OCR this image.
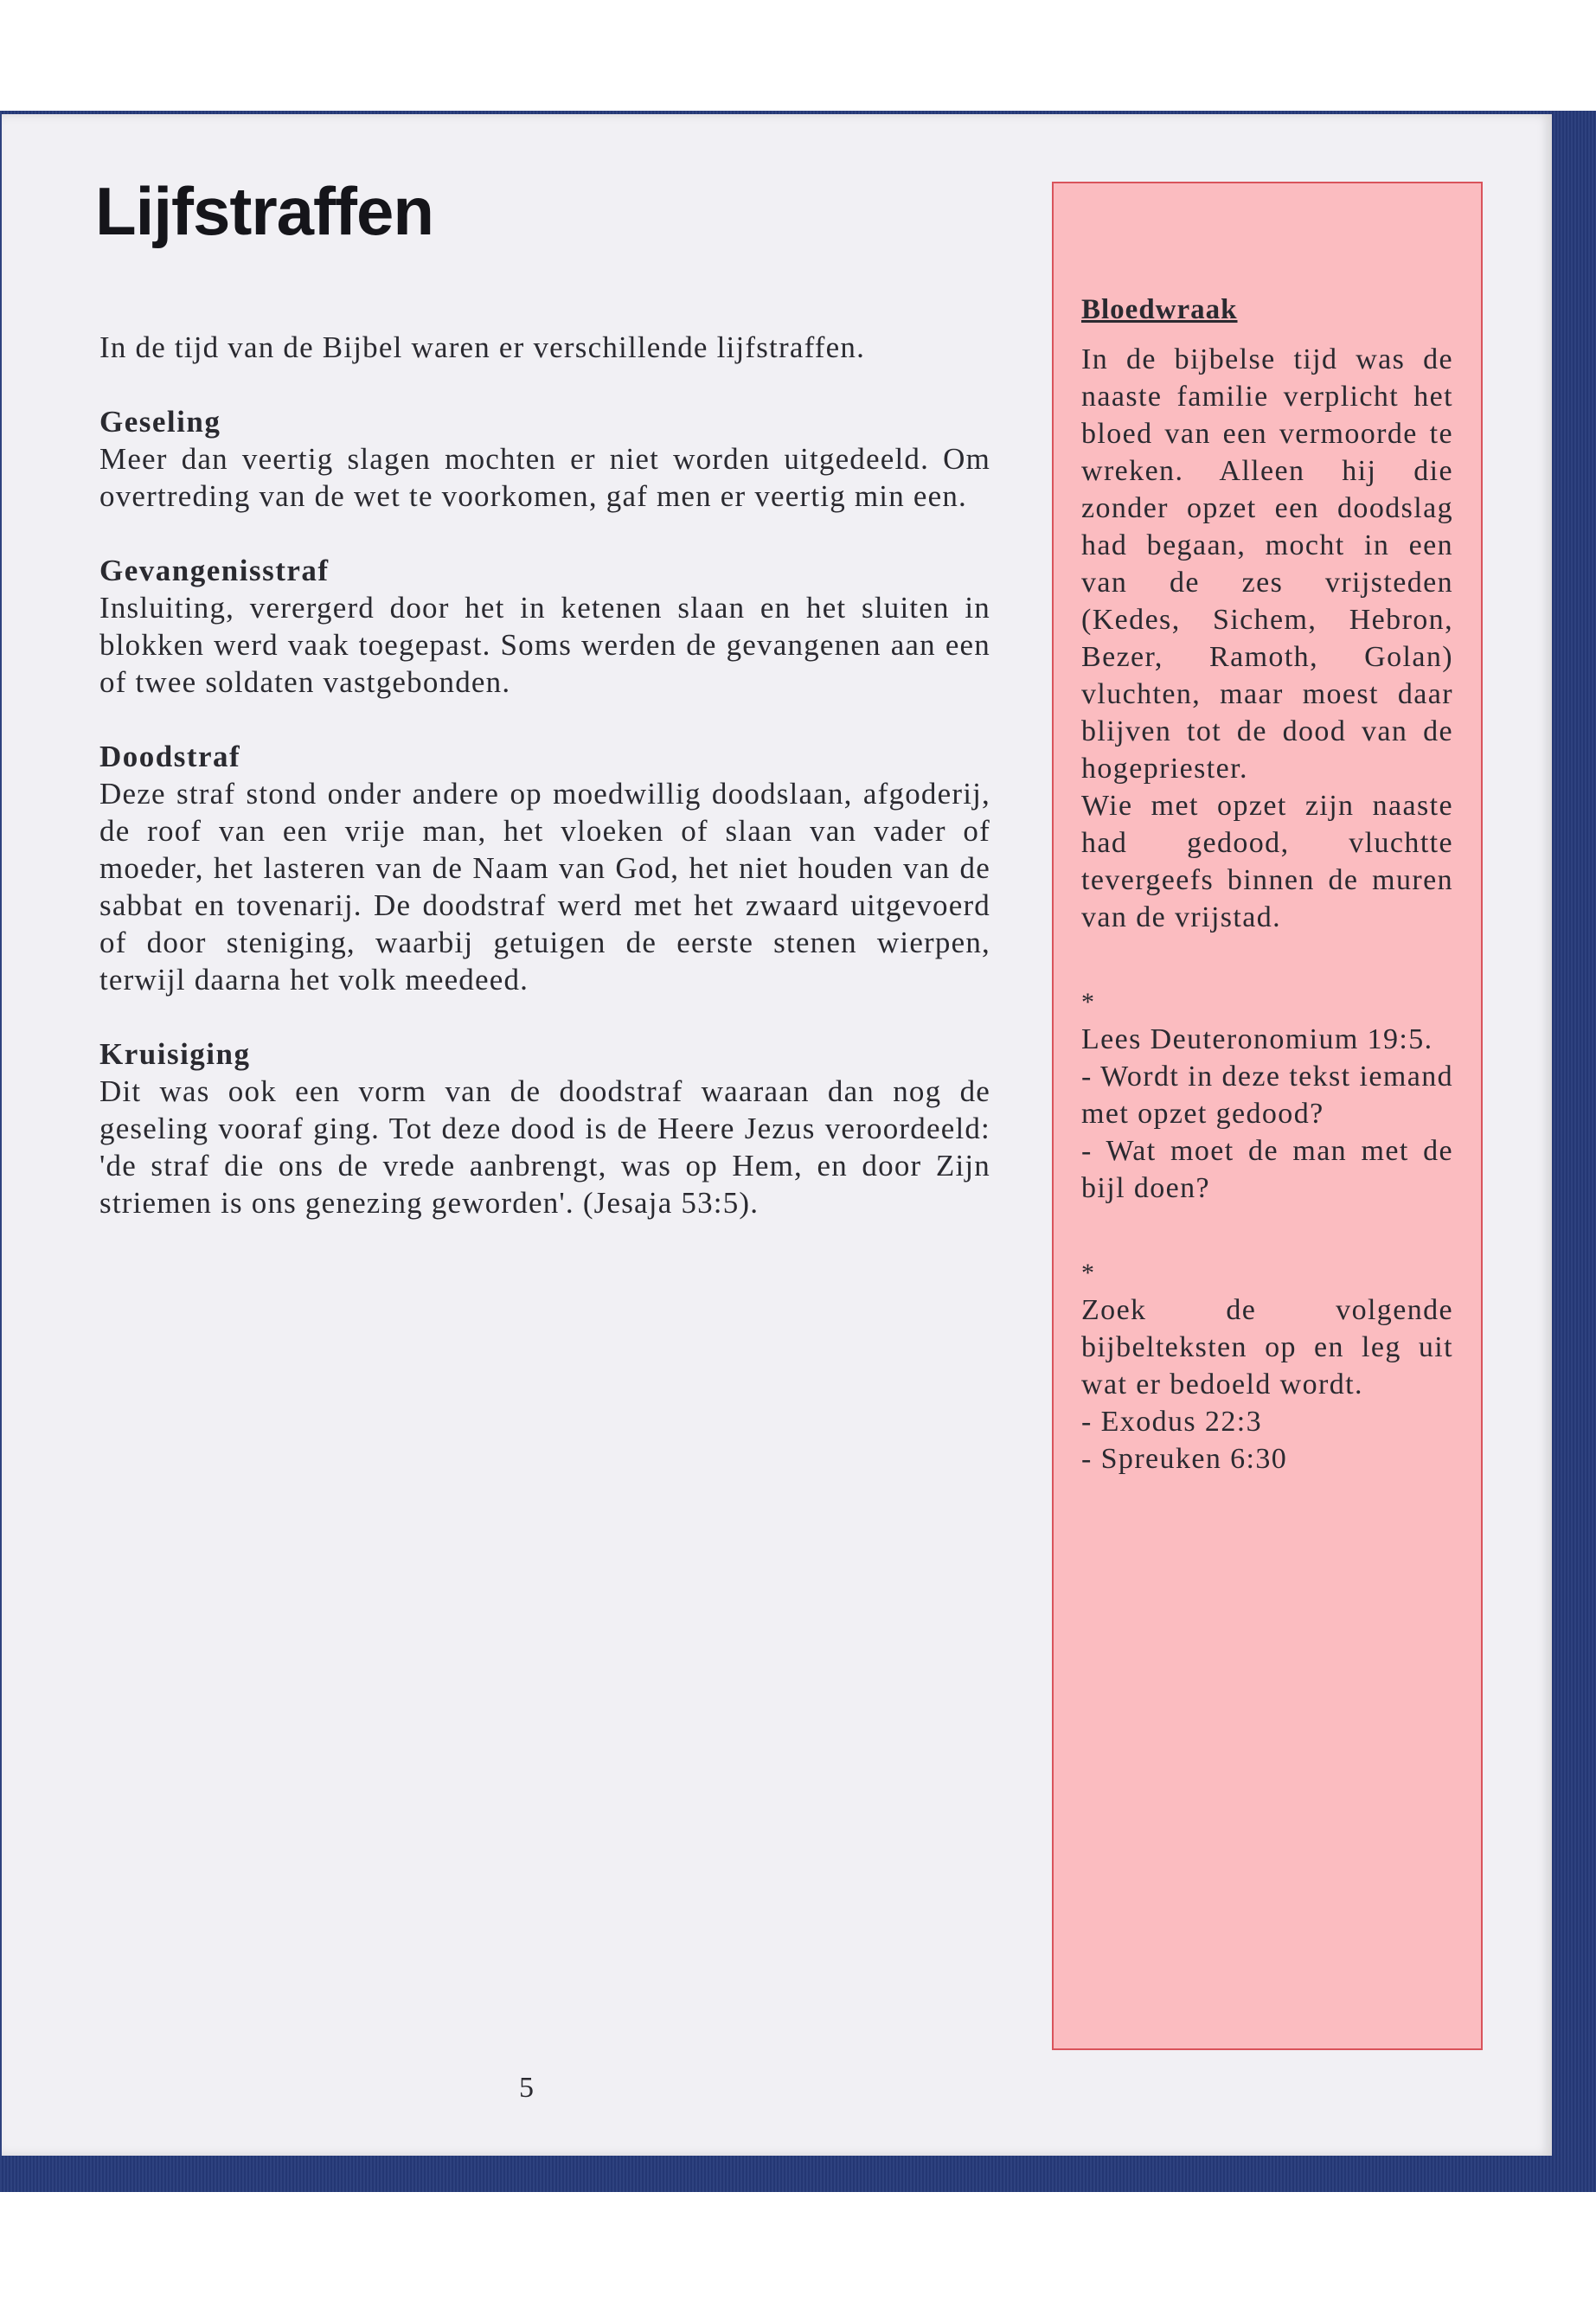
Lijfstraffen

In de tijd van de Bijbel waren er verschillende lijfstraffen.

Geseling

Meer dan veertig slagen mochten er niet worden uitgedeeld. Om overtreding van de wet te voorkomen, gaf men er veertig min een.

Gevangenisstraf

Insluiting, verergerd door het in ketenen slaan en het sluiten in blokken werd vaak toegepast. Soms werden de gevangenen aan een of twee soldaten vastgebonden.

Doodstraf

Deze straf stond onder andere op moedwillig doodslaan, afgoderij, de roof van een vrije man, het vloeken of slaan van vader of moeder, het lasteren van de Naam van God, het niet houden van de sabbat en tovenarij. De doodstraf werd met het zwaard uitgevoerd of door steniging, waarbij getuigen de eerste stenen wierpen, terwijl daarna het volk meedeed.

Kruisiging

Dit was ook een vorm van de doodstraf waaraan dan nog de geseling vooraf ging. Tot deze dood is de Heere Jezus veroordeeld: 'de straf die ons de vrede aanbrengt, was op Hem, en door Zijn striemen is ons genezing geworden'. (Jesaja 53:5).

5
Bloedwraak

In de bijbelse tijd was de naaste familie verplicht het bloed van een vermoorde te wreken. Alleen hij die zonder opzet een doodslag had begaan, mocht in een van de zes vrijsteden (Kedes, Sichem, Hebron, Bezer, Ramoth, Golan) vluchten, maar moest daar blijven tot de dood van de hogepriester.

Wie met opzet zijn naaste had gedood, vluchtte tevergeefs binnen de muren van de vrijstad.

*

Lees Deuteronomium 19:5.

- Wordt in deze tekst iemand met opzet gedood?

- Wat moet de man met de bijl doen?

*

Zoek de volgende bijbelteksten op en leg uit wat er bedoeld wordt.

- Exodus 22:3

- Spreuken 6:30
